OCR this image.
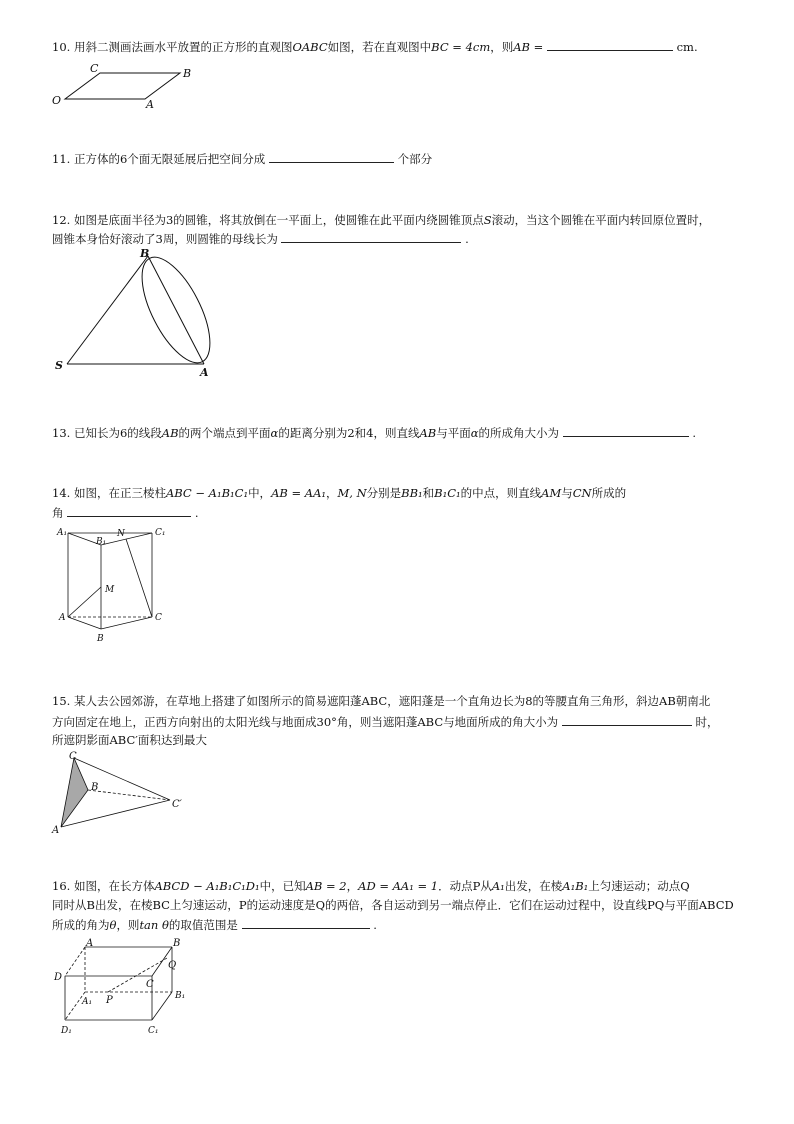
10. 用斜二测画法画水平放置的正方形的直观图OABC如图，若在直观图中BC = 4cm，则AB =	cm.
O	A
B
C
11. 正方体的6个面无限延展后把空间分成	个部分
12. 如图是底面半径为3的圆锥，将其放倒在一平面上，使圆锥在此平面内绕圆锥顶点S滚动，当这个圆锥在平面内转回原位置时，
圆锥本身恰好滚动了3周，则圆锥的母线长为	.
S
B
A
13. 已知长为6的线段AB的两个端点到平面α的距离分别为2和4，则直线AB与平面α的所成角大小为	.
14. 如图，在正三棱柱ABC − A₁B₁C₁中，AB = AA₁，M, N分别是BB₁和B₁C₁的中点，则直线AM与CN所成的
角	.
A₁
B₁
N	C₁
M
A	C
B
15. 某人去公园郊游，在草地上搭建了如图所示的简易遮阳蓬ABC，遮阳蓬是一个直角边长为8的等腰直角三角形，斜边AB朝南北
方向固定在地上，正西方向射出的太阳光线与地面成30°角，则当遮阳蓬ABC与地面所成的角大小为	时，
所遮阴影面ABC′面积达到最大
C
B
A
C′
16. 如图，在长方体ABCD − A₁B₁C₁D₁中，已知AB = 2，AD = AA₁ = 1．动点P从A₁出发，在棱A₁B₁上匀速运动；动点Q
同时从B出发，在棱BC上匀速运动，P的运动速度是Q的两倍，各自运动到另一端点停止．它们在运动过程中，设直线PQ与平面ABCD
所成的角为θ，则tan θ的取值范围是	.
A	B
D
Q
C
A₁ P	B₁
D₁	C₁
